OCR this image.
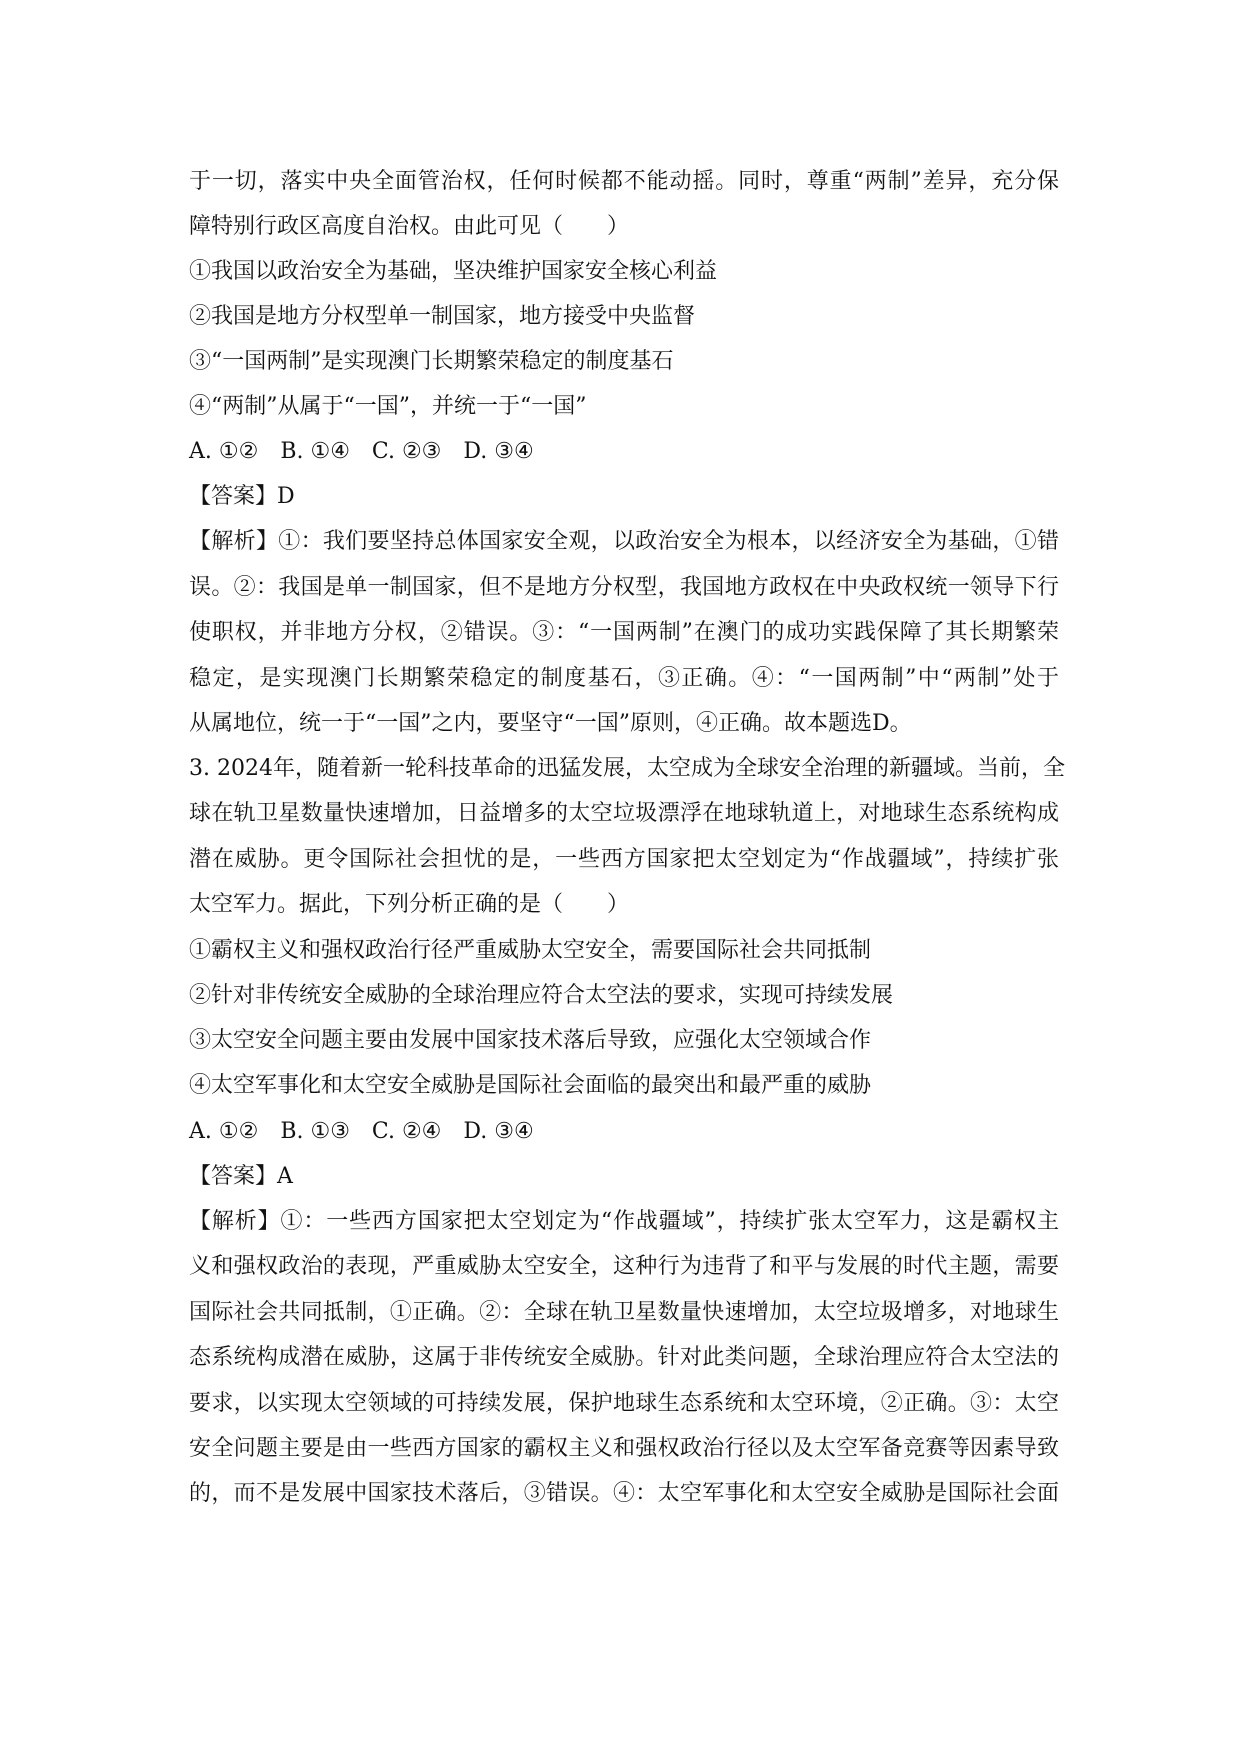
于一切，落实中央全面管治权，任何时候都不能动摇。同时，尊重“两制”差异，充分保
障特别行政区高度自治权。由此可见（　　）
①我国以政治安全为基础，坚决维护国家安全核心利益
②我国是地方分权型单一制国家，地方接受中央监督
③“一国两制”是实现澳门长期繁荣稳定的制度基石
④“两制”从属于“一国”，并统一于“一国”
A. ①②　B. ①④　C. ②③　D. ③④
【答案】D
【解析】①：我们要坚持总体国家安全观，以政治安全为根本，以经济安全为基础，①错
误。②：我国是单一制国家，但不是地方分权型，我国地方政权在中央政权统一领导下行
使职权，并非地方分权，②错误。③：“一国两制”在澳门的成功实践保障了其长期繁荣
稳定，是实现澳门长期繁荣稳定的制度基石，③正确。④：“一国两制”中“两制”处于
从属地位，统一于“一国”之内，要坚守“一国”原则，④正确。故本题选D。
3. 2024年，随着新一轮科技革命的迅猛发展，太空成为全球安全治理的新疆域。当前，全
球在轨卫星数量快速增加，日益增多的太空垃圾漂浮在地球轨道上，对地球生态系统构成
潜在威胁。更令国际社会担忧的是，一些西方国家把太空划定为“作战疆域”，持续扩张
太空军力。据此，下列分析正确的是（　　）
①霸权主义和强权政治行径严重威胁太空安全，需要国际社会共同抵制
②针对非传统安全威胁的全球治理应符合太空法的要求，实现可持续发展
③太空安全问题主要由发展中国家技术落后导致，应强化太空领域合作
④太空军事化和太空安全威胁是国际社会面临的最突出和最严重的威胁
A. ①②　B. ①③　C. ②④　D. ③④
【答案】A
【解析】①：一些西方国家把太空划定为“作战疆域”，持续扩张太空军力，这是霸权主
义和强权政治的表现，严重威胁太空安全，这种行为违背了和平与发展的时代主题，需要
国际社会共同抵制，①正确。②：全球在轨卫星数量快速增加，太空垃圾增多，对地球生
态系统构成潜在威胁，这属于非传统安全威胁。针对此类问题，全球治理应符合太空法的
要求，以实现太空领域的可持续发展，保护地球生态系统和太空环境，②正确。③：太空
安全问题主要是由一些西方国家的霸权主义和强权政治行径以及太空军备竞赛等因素导致
的，而不是发展中国家技术落后，③错误。④：太空军事化和太空安全威胁是国际社会面
